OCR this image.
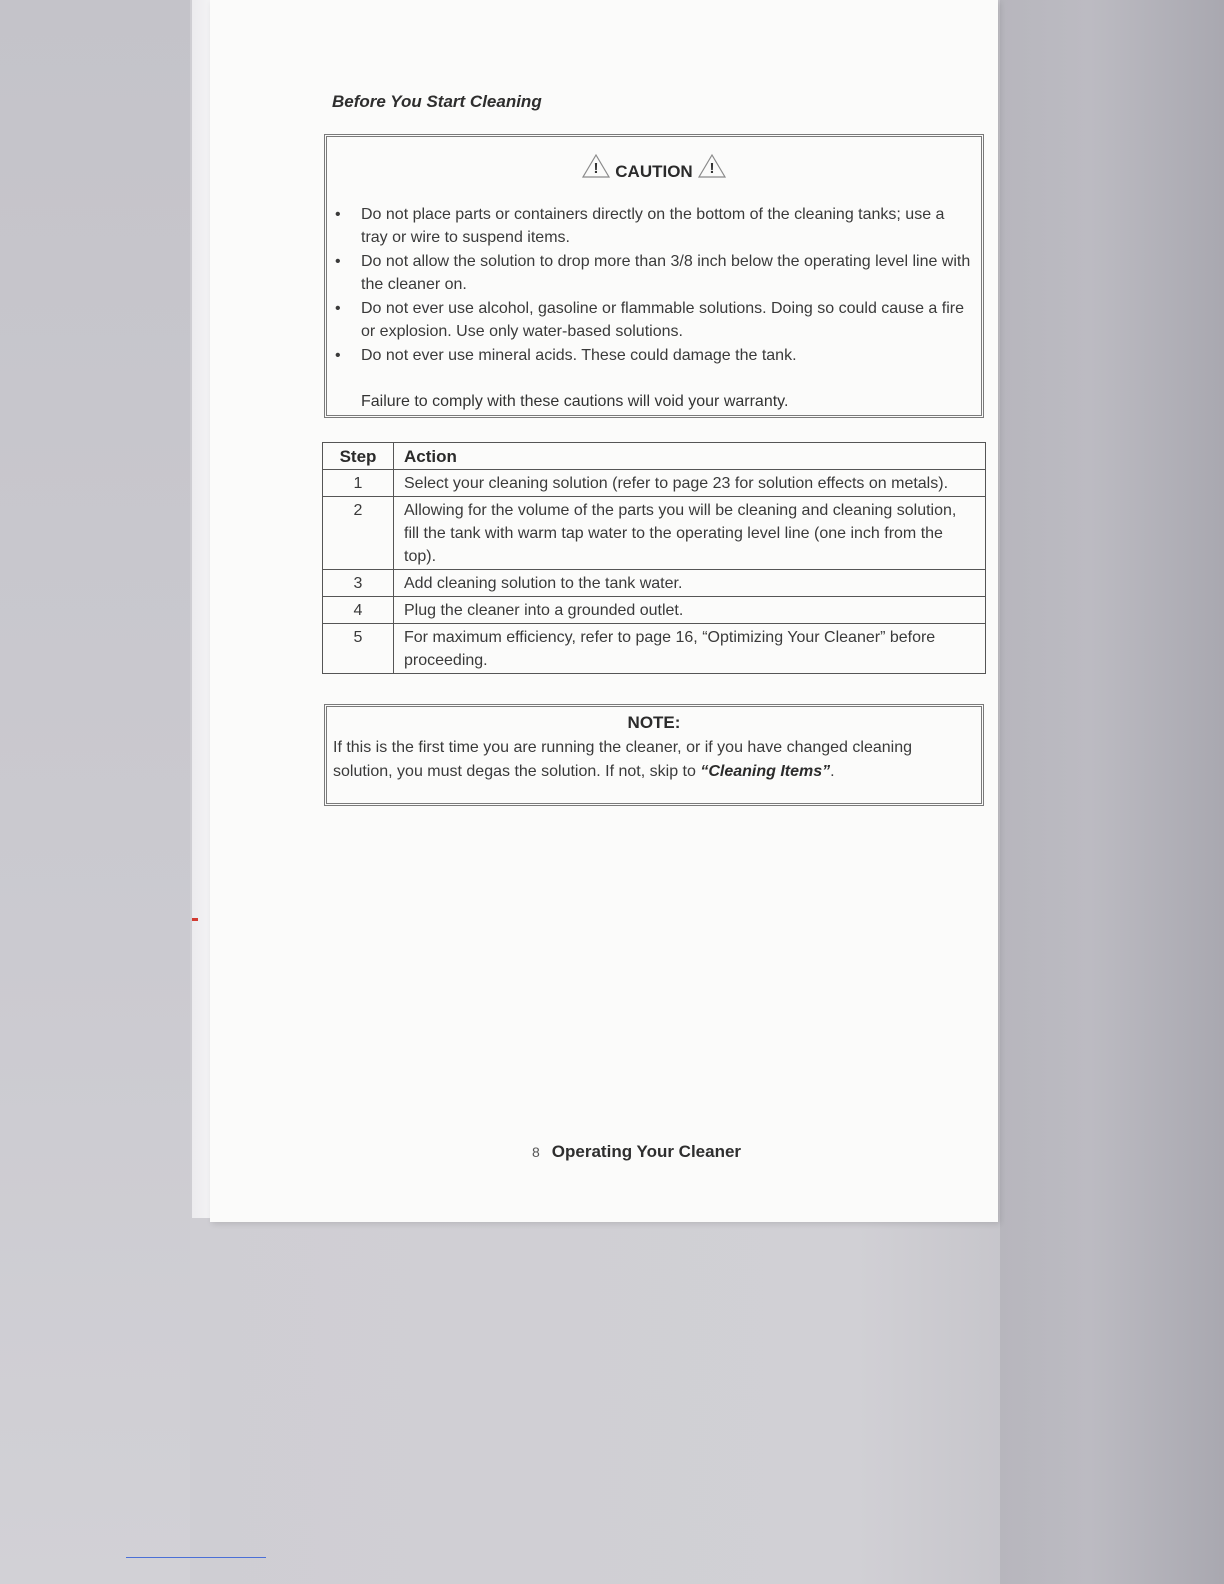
Before You Start Cleaning
! CAUTION !
• Do not place parts or containers directly on the bottom of the cleaning tanks; use a tray or wire to suspend items.
• Do not allow the solution to drop more than 3/8 inch below the operating level line with the cleaner on.
• Do not ever use alcohol, gasoline or flammable solutions. Doing so could cause a fire or explosion. Use only water-based solutions.
• Do not ever use mineral acids. These could damage the tank.
Failure to comply with these cautions will void your warranty.
Step	Action
1	Select your cleaning solution (refer to page 23 for solution effects on metals).
2	Allowing for the volume of the parts you will be cleaning and cleaning solution, fill the tank with warm tap water to the operating level line (one inch from the top).
3	Add cleaning solution to the tank water.
4	Plug the cleaner into a grounded outlet.
5	For maximum efficiency, refer to page 16, “Optimizing Your Cleaner” before proceeding.
NOTE:
If this is the first time you are running the cleaner, or if you have changed cleaning solution, you must degas the solution. If not, skip to “Cleaning Items”.
8 Operating Your Cleaner
